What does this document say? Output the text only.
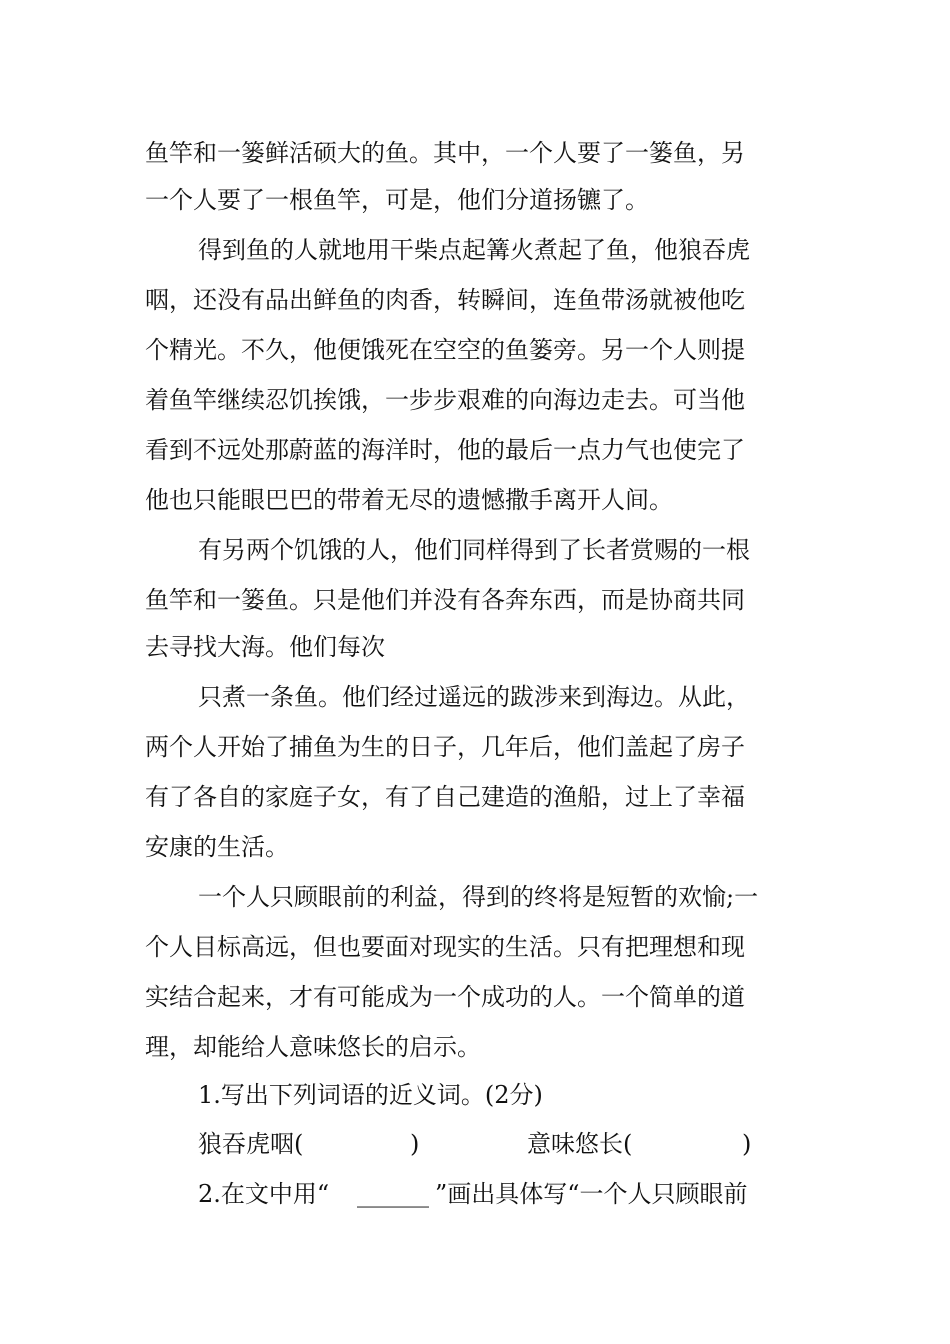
鱼竿和一篓鲜活硕大的鱼。其中，一个人要了一篓鱼，另
一个人要了一根鱼竿，可是，他们分道扬镳了。
得到鱼的人就地用干柴点起篝火煮起了鱼，他狼吞虎
咽，还没有品出鲜鱼的肉香，转瞬间，连鱼带汤就被他吃
个精光。不久，他便饿死在空空的鱼篓旁。另一个人则提
着鱼竿继续忍饥挨饿，一步步艰难的向海边走去。可当他
看到不远处那蔚蓝的海洋时，他的最后一点力气也使完了
他也只能眼巴巴的带着无尽的遗憾撒手离开人间。
有另两个饥饿的人，他们同样得到了长者赏赐的一根
鱼竿和一篓鱼。只是他们并没有各奔东西，而是协商共同
去寻找大海。他们每次
只煮一条鱼。他们经过遥远的跋涉来到海边。从此，
两个人开始了捕鱼为生的日子，几年后，他们盖起了房子
有了各自的家庭子女，有了自己建造的渔船，过上了幸福
安康的生活。
一个人只顾眼前的利益，得到的终将是短暂的欢愉;一
个人目标高远，但也要面对现实的生活。只有把理想和现
实结合起来，才有可能成为一个成功的人。一个简单的道
理，却能给人意味悠长的启示。
1.写出下列词语的近义词。(2分)
狼吞虎咽(	)	意味悠长(	)
2.在文中用“ ______ ”画出具体写“一个人只顾眼前
